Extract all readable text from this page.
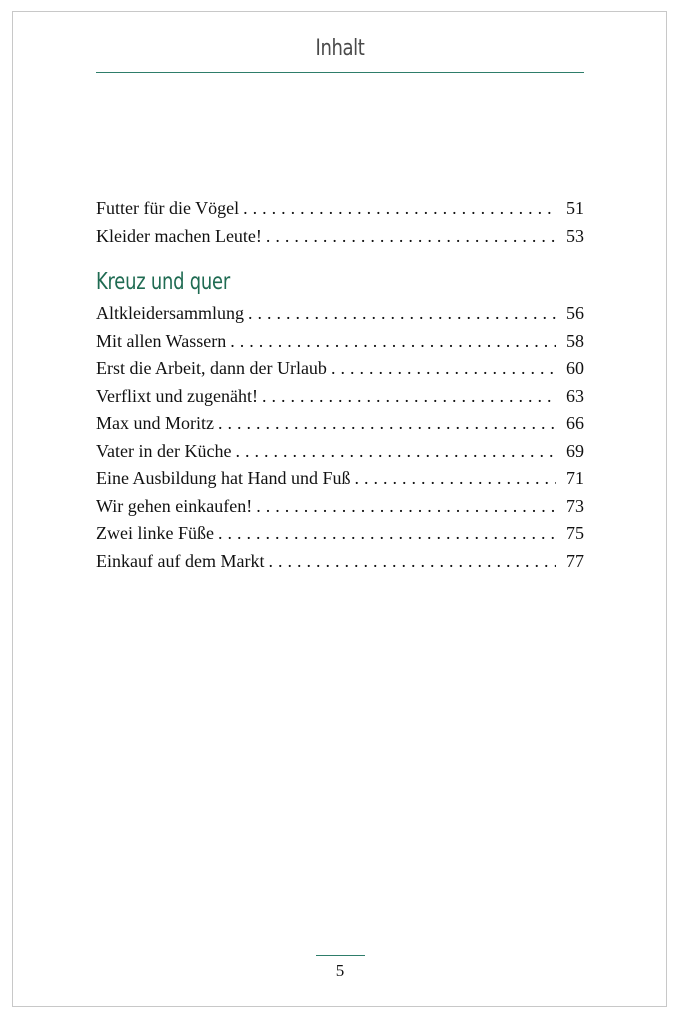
Inhalt
Futter für die Vögel . . .	51
Kleider machen Leute! . . .	53
Kreuz und quer
Altkleidersammlung . . .	56
Mit allen Wassern . . .	58
Erst die Arbeit, dann der Urlaub . . .	60
Verflixt und zugenäht! . . .	63
Max und Moritz . . .	66
Vater in der Küche . . .	69
Eine Ausbildung hat Hand und Fuß . . .	71
Wir gehen einkaufen! . . .	73
Zwei linke Füße . . .	75
Einkauf auf dem Markt . . .	77
5
